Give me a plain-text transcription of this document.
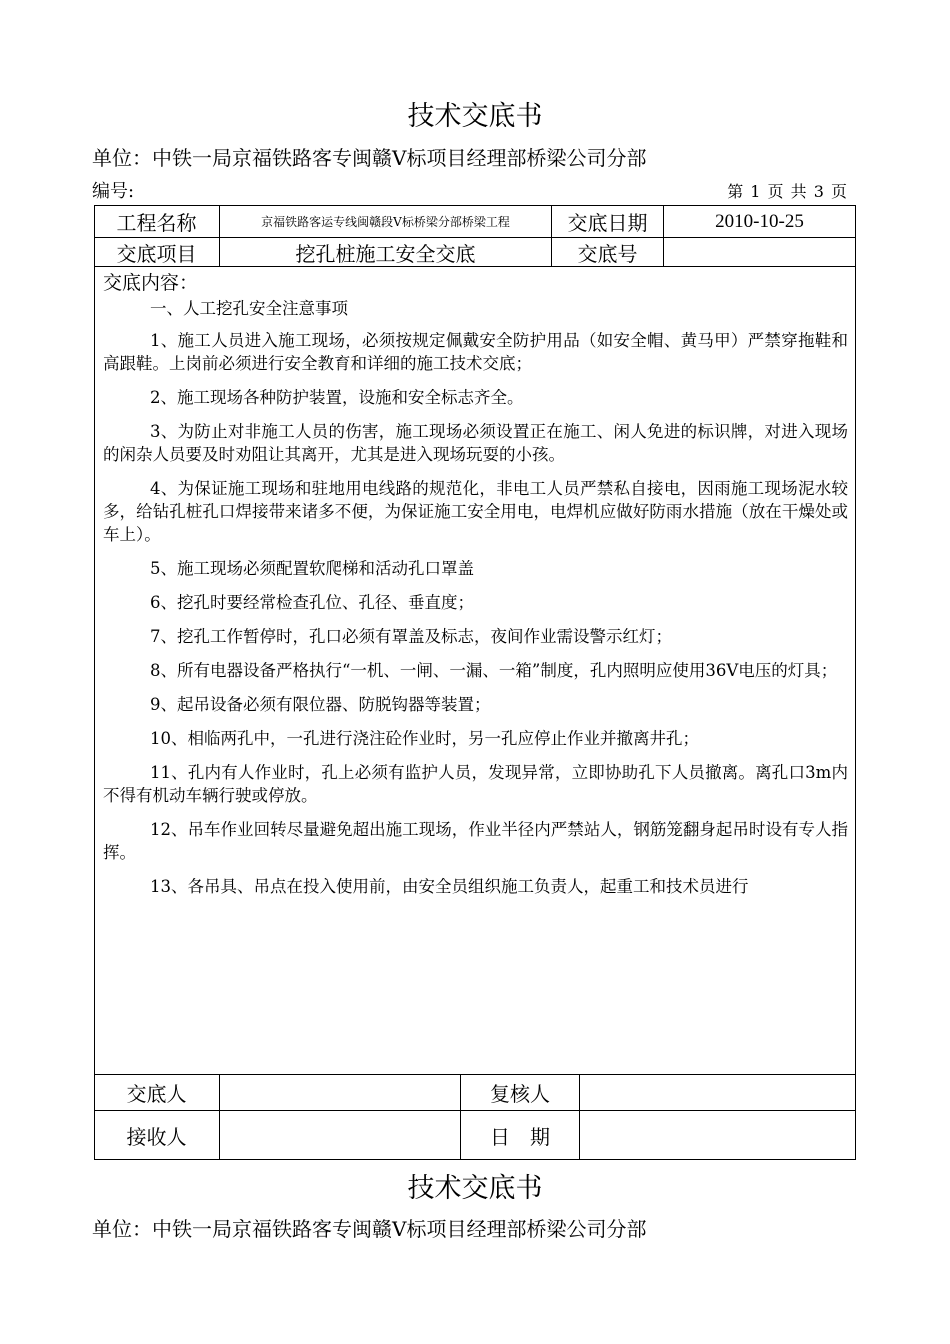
技术交底书
单位：中铁一局京福铁路客专闽赣Ⅴ标项目经理部桥梁公司分部
编号:	第 1 页 共 3 页
工程名称	京福铁路客运专线闽赣段Ⅴ标桥梁分部桥梁工程	交底日期	2010-10-25
交底项目	挖孔桩施工安全交底	交底号
交底内容：

一、人工挖孔安全注意事项

1、施工人员进入施工现场，必须按规定佩戴安全防护用品（如安全帽、黄马甲）严禁穿拖鞋和高跟鞋。上岗前必须进行安全教育和详细的施工技术交底；

2、施工现场各种防护装置，设施和安全标志齐全。

3、为防止对非施工人员的伤害，施工现场必须设置正在施工、闲人免进的标识牌，对进入现场的闲杂人员要及时劝阻让其离开，尤其是进入现场玩耍的小孩。

4、为保证施工现场和驻地用电线路的规范化，非电工人员严禁私自接电，因雨施工现场泥水较多，给钻孔桩孔口焊接带来诸多不便，为保证施工安全用电，电焊机应做好防雨水措施（放在干燥处或车上）。

5、施工现场必须配置软爬梯和活动孔口罩盖

6、挖孔时要经常检查孔位、孔径、垂直度；

7、挖孔工作暂停时，孔口必须有罩盖及标志，夜间作业需设警示红灯；

8、所有电器设备严格执行“一机、一闸、一漏、一箱”制度，孔内照明应使用36V电压的灯具；

9、起吊设备必须有限位器、防脱钩器等装置；

10、相临两孔中，一孔进行浇注砼作业时，另一孔应停止作业并撤离井孔；

11、孔内有人作业时，孔上必须有监护人员，发现异常，立即协助孔下人员撤离。离孔口3m内不得有机动车辆行驶或停放。

12、吊车作业回转尽量避免超出施工现场，作业半径内严禁站人，钢筋笼翻身起吊时设有专人指挥。

13、各吊具、吊点在投入使用前，由安全员组织施工负责人，起重工和技术员进行

交底人	复核人
接收人	日　期
技术交底书
单位：中铁一局京福铁路客专闽赣Ⅴ标项目经理部桥梁公司分部
